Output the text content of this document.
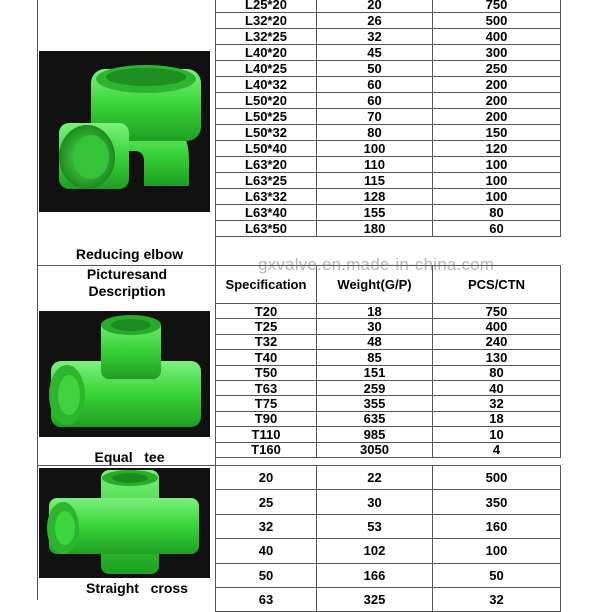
Reducing elbow
Picturesand
Description
Equal   tee
Straight   cross
L25*20	20	750
L32*20	26	500
L32*25	32	400
L40*20	45	300
L40*25	50	250
L40*32	60	200
L50*20	60	200
L50*25	70	200
L50*32	80	150
L50*40	100	120
L63*20	110	100
L63*25	115	100
L63*32	128	100
L63*40	155	80
L63*50	180	60
Specification	Weight(G/P)	PCS/CTN
T20	18	750
T25	30	400
T32	48	240
T40	85	130
T50	151	80
T63	259	40
T75	355	32
T90	635	18
T110	985	10
T160	3050	4
20	22	500
25	30	350
32	53	160
40	102	100
50	166	50
63	325	32
gxvalve.en.made-in-china.com
